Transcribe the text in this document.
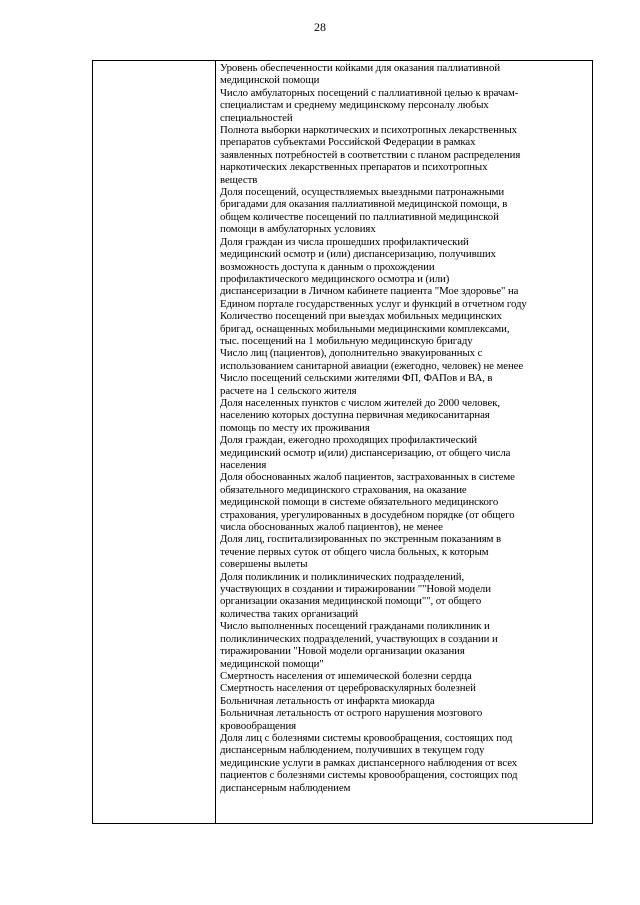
28
Уровень обеспеченности койками для оказания паллиативной
медицинской помощи
Число амбулаторных посещений с паллиативной целью к врачам-
специалистам и среднему медицинскому персоналу любых
специальностей
Полнота выборки наркотических и психотропных лекарственных
препаратов субъектами Российской Федерации в рамках
заявленных потребностей в соответствии с планом распределения
наркотических лекарственных препаратов и психотропных
веществ
Доля посещений, осуществляемых выездными патронажными
бригадами для оказания паллиативной медицинской помощи, в
общем количестве посещений по паллиативной медицинской
помощи в амбулаторных условиях
Доля граждан из числа прошедших профилактический
медицинский осмотр и (или) диспансеризацию, получивших
возможность доступа к данным о прохождении
профилактического медицинского осмотра и (или)
диспансеризации в Личном кабинете пациента "Мое здоровье" на
Едином портале государственных услуг и функций в отчетном году
Количество посещений при выездах мобильных медицинских
бригад, оснащенных мобильными медицинскими комплексами,
тыс. посещений на 1 мобильную медицинскую бригаду
Число лиц (пациентов), дополнительно эвакуированных с
использованием санитарной авиации (ежегодно, человек) не менее
Число посещений сельскими жителями ФП, ФАПов и ВА, в
расчете на 1 сельского жителя
Доля населенных пунктов с числом жителей до 2000 человек,
населению которых доступна первичная медикосанитарная
помощь по месту их проживания
Доля граждан, ежегодно проходящих профилактический
медицинский осмотр и(или) диспансеризацию, от общего числа
населения
Доля обоснованных жалоб пациентов, застрахованных в системе
обязательного медицинского страхования, на оказание
медицинской помощи в системе обязательного медицинского
страхования, урегулированных в досудебном порядке (от общего
числа обоснованных жалоб пациентов), не менее
Доля лиц, госпитализированных по экстренным показаниям в
течение первых суток от общего числа больных, к которым
совершены вылеты
Доля поликлиник и поликлинических подразделений,
участвующих в создании и тиражировании ""Новой модели
организации оказания медицинской помощи"", от общего
количества таких организаций
Число выполненных посещений гражданами поликлиник и
поликлинических подразделений, участвующих в создании и
тиражировании "Новой модели организации оказания
медицинской помощи"
Смертность населения от ишемической болезни сердца
Смертность населения от цереброваскулярных болезней
Больничная летальность от инфаркта миокарда
Больничная летальность от острого нарушения мозгового
кровообращения
Доля лиц с болезнями системы кровообращения, состоящих под
диспансерным наблюдением, получивших в текущем году
медицинские услуги в рамках диспансерного наблюдения от всех
пациентов с болезнями системы кровообращения, состоящих под
диспансерным наблюдением
